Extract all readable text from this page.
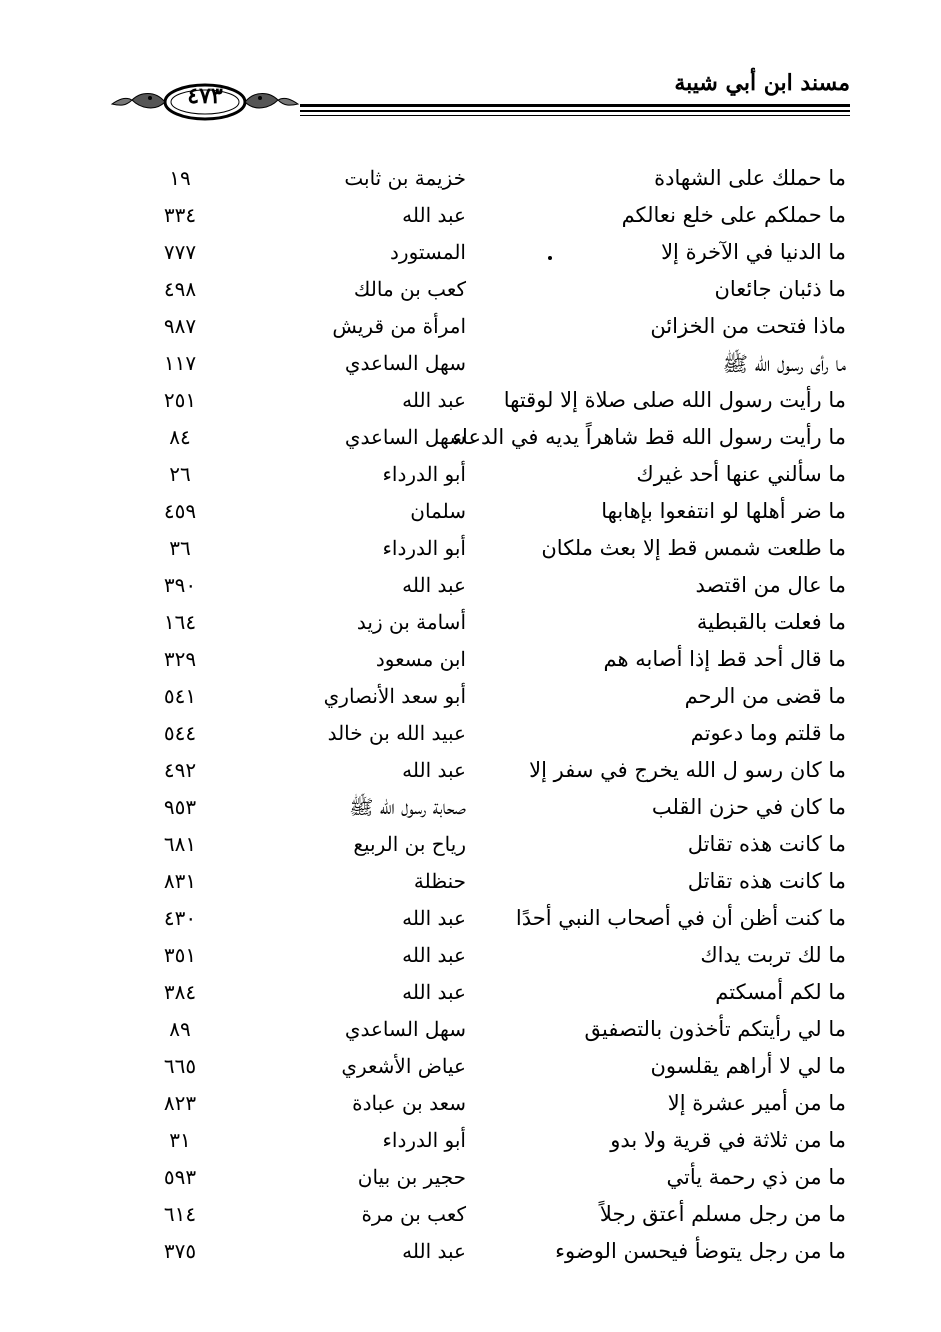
مسند ابن أبي شيبة
٤٧٣
ما حملك على الشهادة
خزيمة بن ثابت
١٩
ما حملكم على خلع نعالكم
عبد الله
٣٣٤
ما الدنيا في الآخرة إلا
المستورد
٧٧٧
ما ذئبان جائعان
كعب بن مالك
٤٩٨
ماذا فتحت من الخزائن
امرأة من قريش
٩٨٧
ما رأى رسول الله ﷺ
سهل الساعدي
١١٧
ما رأيت رسول الله صلى صلاة إلا لوقتها
عبد الله
٢٥١
ما رأيت رسول الله قط شاهراً يديه في الدعاء
سهل الساعدي
٨٤
ما سألني عنها أحد غيرك
أبو الدرداء
٢٦
ما ضر أهلها لو انتفعوا بإهابها
سلمان
٤٥٩
ما طلعت شمس قط إلا بعث ملكان
أبو الدرداء
٣٦
ما عال من اقتصد
عبد الله
٣٩٠
ما فعلت بالقبطية
أسامة بن زيد
١٦٤
ما قال أحد قط إذا أصابه هم
ابن مسعود
٣٢٩
ما قضى من الرحم
أبو سعد الأنصاري
٥٤١
ما قلتم وما دعوتم
عبيد الله بن خالد
٥٤٤
ما كان رسو ل الله يخرج في سفر إلا
عبد الله
٤٩٢
ما كان في حزن القلب
صحابة رسول الله ﷺ
٩٥٣
ما كانت هذه تقاتل
رياح بن الربيع
٦٨١
ما كانت هذه تقاتل
حنظلة
٨٣١
ما كنت أظن أن في أصحاب النبي أحدًا
عبد الله
٤٣٠
ما لك تربت يداك
عبد الله
٣٥١
ما لكم أمسكتم
عبد الله
٣٨٤
ما لي رأيتكم تأخذون بالتصفيق
سهل الساعدي
٨٩
ما لي لا أراهم يقلسون
عياض الأشعري
٦٦٥
ما من أمير عشرة إلا
سعد بن عبادة
٨٢٣
ما من ثلاثة في قرية ولا بدو
أبو الدرداء
٣١
ما من ذي رحمة يأتي
حجير بن بيان
٥٩٣
ما من رجل مسلم أعتق رجلاً
كعب بن مرة
٦١٤
ما من رجل يتوضأ فيحسن الوضوء
عبد الله
٣٧٥
